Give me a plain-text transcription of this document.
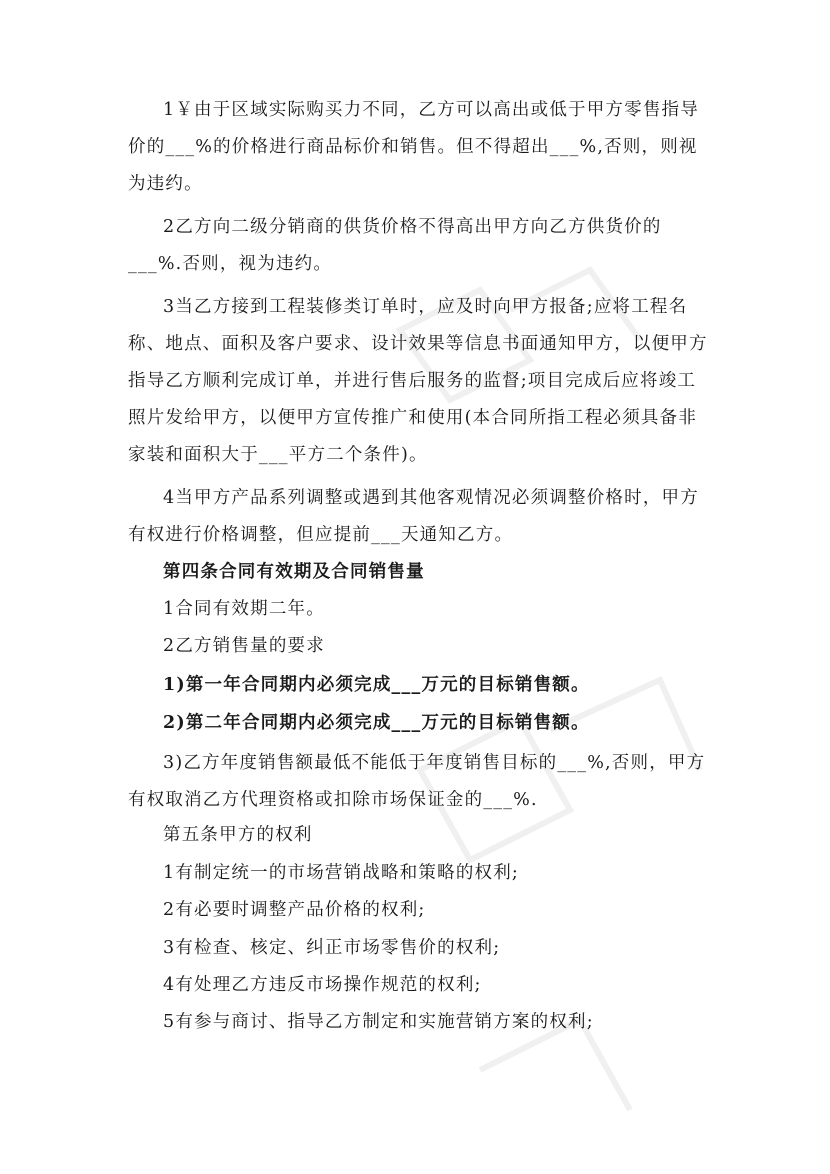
1￥由于区域实际购买力不同，乙方可以高出或低于甲方零售指导价的___%的价格进行商品标价和销售。但不得超出___%,否则，则视为违约。

2乙方向二级分销商的供货价格不得高出甲方向乙方供货价的___%.否则，视为违约。

3当乙方接到工程装修类订单时，应及时向甲方报备;应将工程名称、地点、面积及客户要求、设计效果等信息书面通知甲方，以便甲方指导乙方顺利完成订单，并进行售后服务的监督;项目完成后应将竣工照片发给甲方，以便甲方宣传推广和使用(本合同所指工程必须具备非家装和面积大于___平方二个条件)。

4当甲方产品系列调整或遇到其他客观情况必须调整价格时，甲方有权进行价格调整，但应提前___天通知乙方。

第四条合同有效期及合同销售量

1合同有效期二年。

2乙方销售量的要求

1)第一年合同期内必须完成___万元的目标销售额。

2)第二年合同期内必须完成___万元的目标销售额。

3)乙方年度销售额最低不能低于年度销售目标的___%,否则，甲方有权取消乙方代理资格或扣除市场保证金的___%.

第五条甲方的权利

1有制定统一的市场营销战略和策略的权利;

2有必要时调整产品价格的权利;

3有检查、核定、纠正市场零售价的权利;

4有处理乙方违反市场操作规范的权利;

5有参与商讨、指导乙方制定和实施营销方案的权利;
